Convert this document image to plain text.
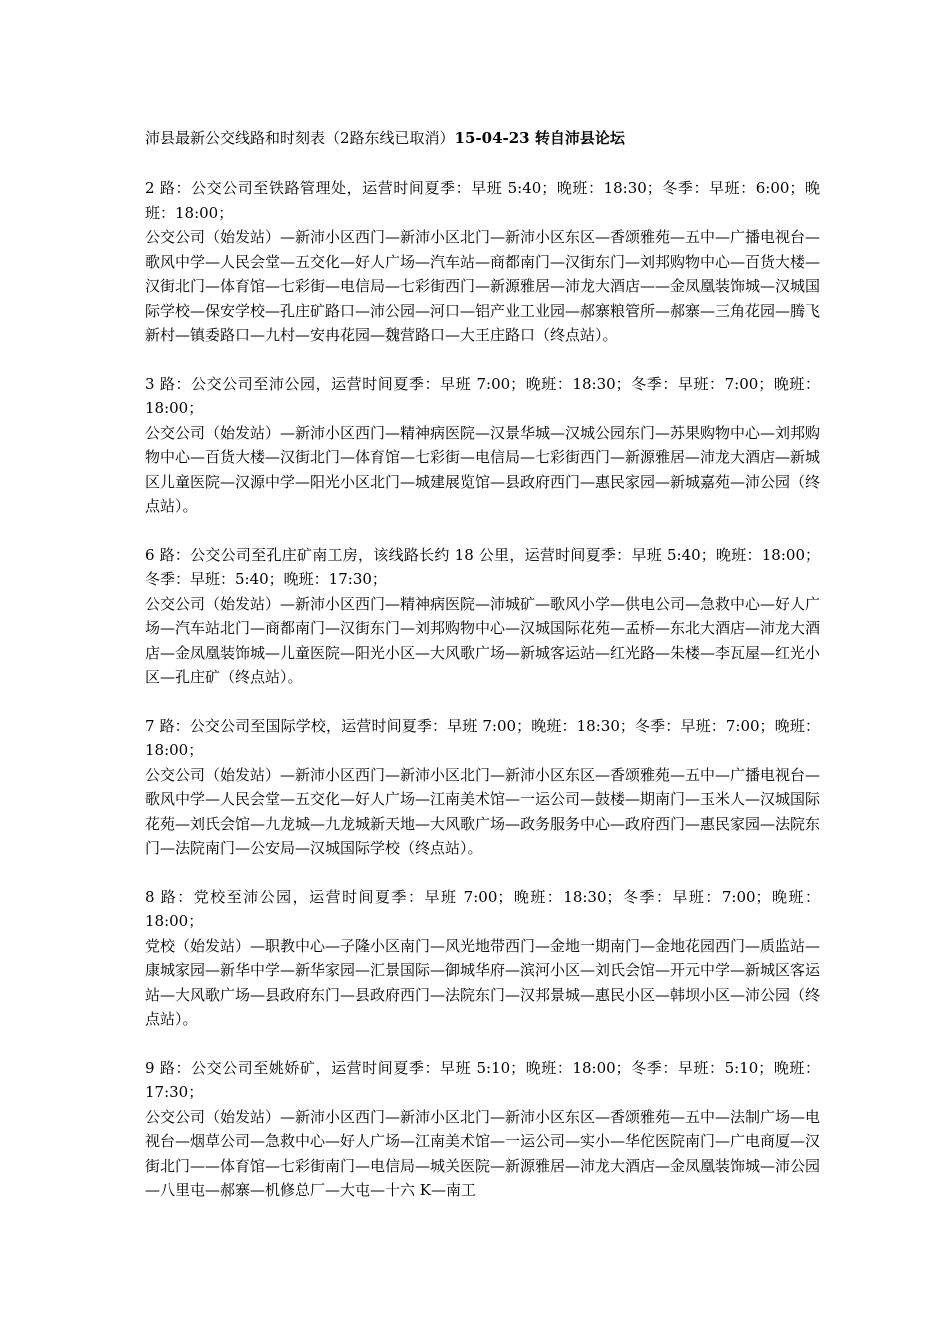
沛县最新公交线路和时刻表（2路东线已取消）15-04-23 转自沛县论坛

2 路：公交公司至铁路管理处，运营时间夏季：早班 5:40；晚班：18:30；冬季：早班：6:00；晚班：18:00；

公交公司（始发站）—新沛小区西门—新沛小区北门—新沛小区东区—香颂雅苑—五中—广播电视台—歌风中学—人民会堂—五交化—好人广场—汽车站—商都南门—汉街东门—刘邦购物中心—百货大楼—汉街北门—体育馆—七彩街—电信局—七彩街西门—新源雅居—沛龙大酒店——金凤凰装饰城—汉城国际学校—保安学校—孔庄矿路口—沛公园—河口—铝产业工业园—郝寨粮管所—郝寨—三角花园—腾飞新村—镇委路口—九村—安冉花园—魏营路口—大王庄路口（终点站）。

3 路：公交公司至沛公园，运营时间夏季：早班 7:00；晚班：18:30；冬季：早班：7:00；晚班：18:00；

公交公司（始发站）—新沛小区西门—精神病医院—汉景华城—汉城公园东门—苏果购物中心—刘邦购物中心—百货大楼—汉街北门—体育馆—七彩街—电信局—七彩街西门—新源雅居—沛龙大酒店—新城区儿童医院—汉源中学—阳光小区北门—城建展览馆—县政府西门—惠民家园—新城嘉苑—沛公园（终点站）。

6 路：公交公司至孔庄矿南工房，该线路长约 18 公里，运营时间夏季：早班 5:40；晚班：18:00；冬季：早班：5:40；晚班：17:30；

公交公司（始发站）—新沛小区西门—精神病医院—沛城矿—歌风小学—供电公司—急救中心—好人广场—汽车站北门—商都南门—汉街东门—刘邦购物中心—汉城国际花苑—孟桥—东北大酒店—沛龙大酒店—金凤凰装饰城—儿童医院—阳光小区—大风歌广场—新城客运站—红光路—朱楼—李瓦屋—红光小区—孔庄矿（终点站）。

7 路：公交公司至国际学校，运营时间夏季：早班 7:00；晚班：18:30；冬季：早班：7:00；晚班：18:00；

公交公司（始发站）—新沛小区西门—新沛小区北门—新沛小区东区—香颂雅苑—五中—广播电视台—歌风中学—人民会堂—五交化—好人广场—江南美术馆—一运公司—鼓楼—期南门—玉米人—汉城国际花苑—刘氏会馆—九龙城—九龙城新天地—大风歌广场—政务服务中心—政府西门—惠民家园—法院东门—法院南门—公安局—汉城国际学校（终点站）。

8 路：党校至沛公园，运营时间夏季：早班 7:00；晚班：18:30；冬季：早班：7:00；晚班：18:00；

党校（始发站）—职教中心—子隆小区南门—风光地带西门—金地一期南门—金地花园西门—质监站—康城家园—新华中学—新华家园—汇景国际—御城华府—滨河小区—刘氏会馆—开元中学—新城区客运站—大风歌广场—县政府东门—县政府西门—法院东门—汉邦景城—惠民小区—韩坝小区—沛公园（终点站）。

9 路：公交公司至姚娇矿，运营时间夏季：早班 5:10；晚班：18:00；冬季：早班：5:10；晚班：17:30；

公交公司（始发站）—新沛小区西门—新沛小区北门—新沛小区东区—香颂雅苑—五中—法制广场—电视台—烟草公司—急救中心—好人广场—江南美术馆—一运公司—实小—华佗医院南门—广电商厦—汉街北门——体育馆—七彩街南门—电信局—城关医院—新源雅居—沛龙大酒店—金凤凰装饰城—沛公园—八里屯—郝寨—机修总厂—大屯—十六 K—南工
